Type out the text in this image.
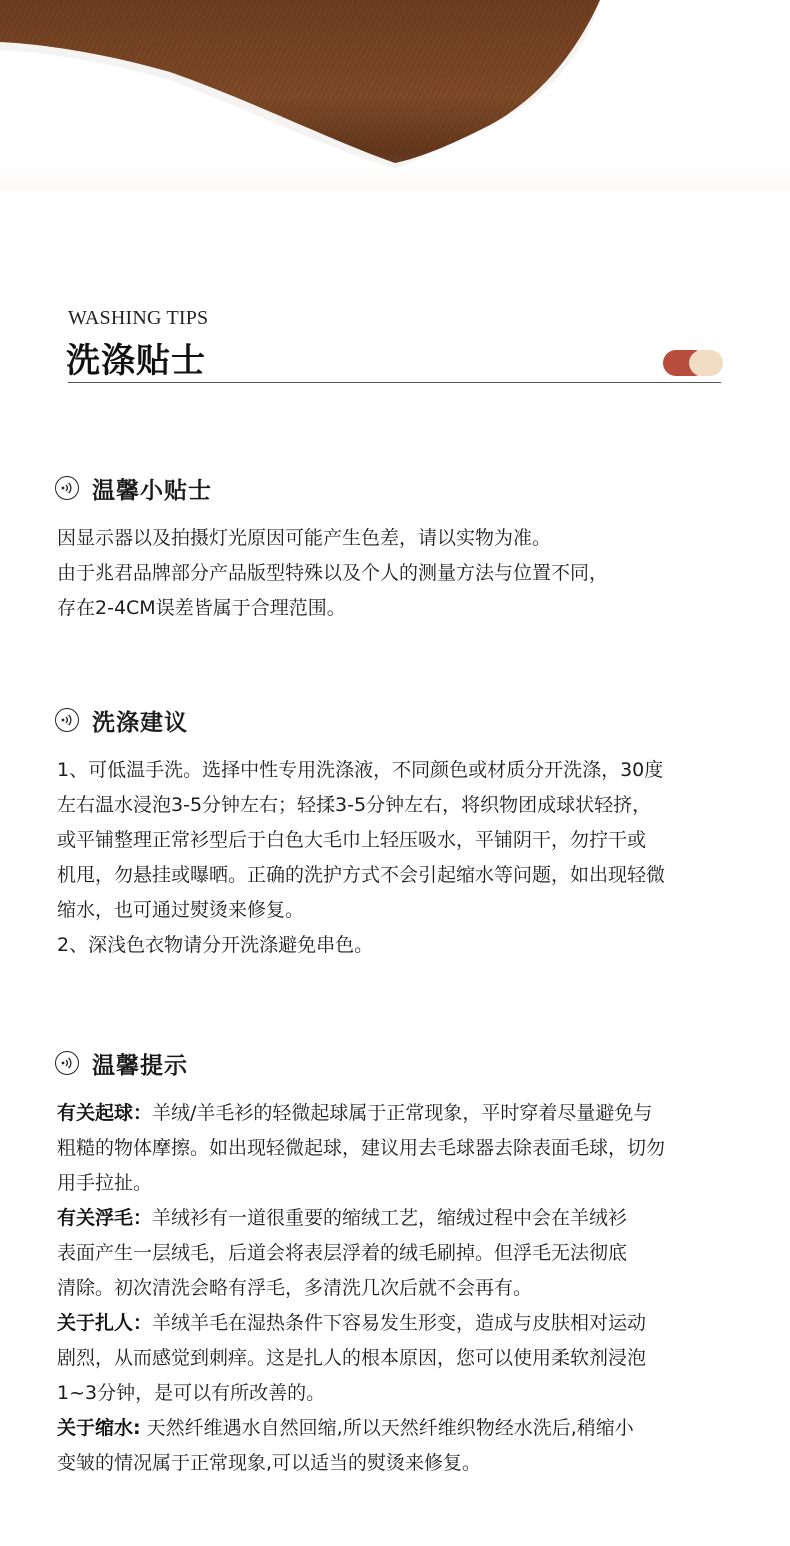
WASHING TIPS
洗涤贴士
温馨小贴士
因显示器以及拍摄灯光原因可能产生色差，请以实物为准。
由于兆君品牌部分产品版型特殊以及个人的测量方法与位置不同，
存在2-4CM误差皆属于合理范围。
洗涤建议
1、可低温手洗。选择中性专用洗涤液，不同颜色或材质分开洗涤，30度
左右温水浸泡3-5分钟左右；轻揉3-5分钟左右，将织物团成球状轻挤，
或平铺整理正常衫型后于白色大毛巾上轻压吸水，平铺阴干，勿拧干或
机甩，勿悬挂或曝晒。正确的洗护方式不会引起缩水等问题，如出现轻微
缩水，也可通过熨烫来修复。
2、深浅色衣物请分开洗涤避免串色。
温馨提示
有关起球：羊绒/羊毛衫的轻微起球属于正常现象，平时穿着尽量避免与
粗糙的物体摩擦。如出现轻微起球，建议用去毛球器去除表面毛球，切勿
用手拉扯。
有关浮毛：羊绒衫有一道很重要的缩绒工艺，缩绒过程中会在羊绒衫
表面产生一层绒毛，后道会将表层浮着的绒毛刷掉。但浮毛无法彻底
清除。初次清洗会略有浮毛，多清洗几次后就不会再有。
关于扎人：羊绒羊毛在湿热条件下容易发生形变，造成与皮肤相对运动
剧烈，从而感觉到刺痒。这是扎人的根本原因，您可以使用柔软剂浸泡
1~3分钟，是可以有所改善的。
关于缩水: 天然纤维遇水自然回缩,所以天然纤维织物经水洗后,稍缩小
变皱的情况属于正常现象,可以适当的熨烫来修复。
